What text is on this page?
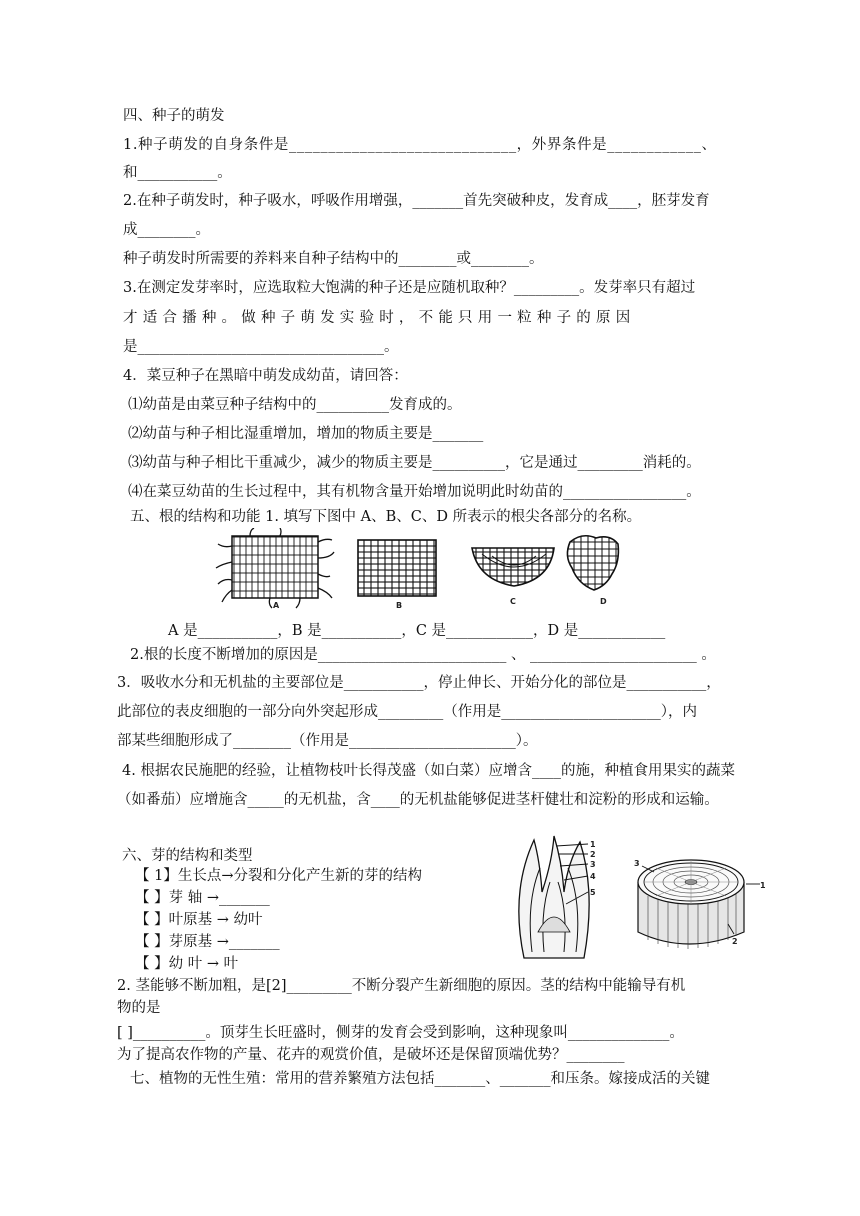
四、种子的萌发
1.种子萌发的自身条件是_____________________________，外界条件是____________、
和___________。
2.在种子萌发时，种子吸水，呼吸作用增强，_______首先突破种皮，发育成____，胚芽发育
成________。
种子萌发时所需要的养料来自种子结构中的________或________。
3.在测定发芽率时，应选取粒大饱满的种子还是应随机取种？_________。发芽率只有超过
才 适 合 播 种 。 做 种 子 萌 发 实 验 时 ， 不 能 只 用 一 粒 种 子 的 原 因
是__________________________________。
4．菜豆种子在黑暗中萌发成幼苗，请回答：
⑴幼苗是由菜豆种子结构中的__________发育成的。
⑵幼苗与种子相比湿重增加，增加的物质主要是_______
⑶幼苗与种子相比干重减少，减少的物质主要是__________，它是通过_________消耗的。
⑷在菜豆幼苗的生长过程中，其有机物含量开始增加说明此时幼苗的_________________。
五、根的结构和功能 1. 填写下图中 A、B、C、D 所表示的根尖各部分的名称。
A	B	C	D
A 是___________，B 是___________，C 是____________，D 是____________
2.根的长度不断增加的原因是__________________________ 、 _______________________ 。
3．吸收水分和无机盐的主要部位是___________，停止伸长、开始分化的部位是___________，
此部位的表皮细胞的一部分向外突起形成_________（作用是______________________），内
部某些细胞形成了________（作用是_______________________）。
4. 根据农民施肥的经验，让植物枝叶长得茂盛（如白菜）应增含____的施，种植食用果实的蔬菜
（如番茄）应增施含_____的无机盐，含____的无机盐能够促进茎杆健壮和淀粉的形成和运输。
六、芽的结构和类型
【 1】生长点→分裂和分化产生新的芽的结构
【 】芽 轴 →_______
【 】叶原基 → 幼叶
【 】芽原基 →_______
【 】幼 叶 → 叶
1
2
3
4
5
3
1
2
2. 茎能够不断加粗，是[2]_________不断分裂产生新细胞的原因。茎的结构中能输导有机
物的是
[ ]__________。顶芽生长旺盛时，侧芽的发育会受到影响，这种现象叫______________。
为了提高农作物的产量、花卉的观赏价值，是破坏还是保留顶端优势？________
七、植物的无性生殖：常用的营养繁殖方法包括_______、_______和压条。嫁接成活的关键
